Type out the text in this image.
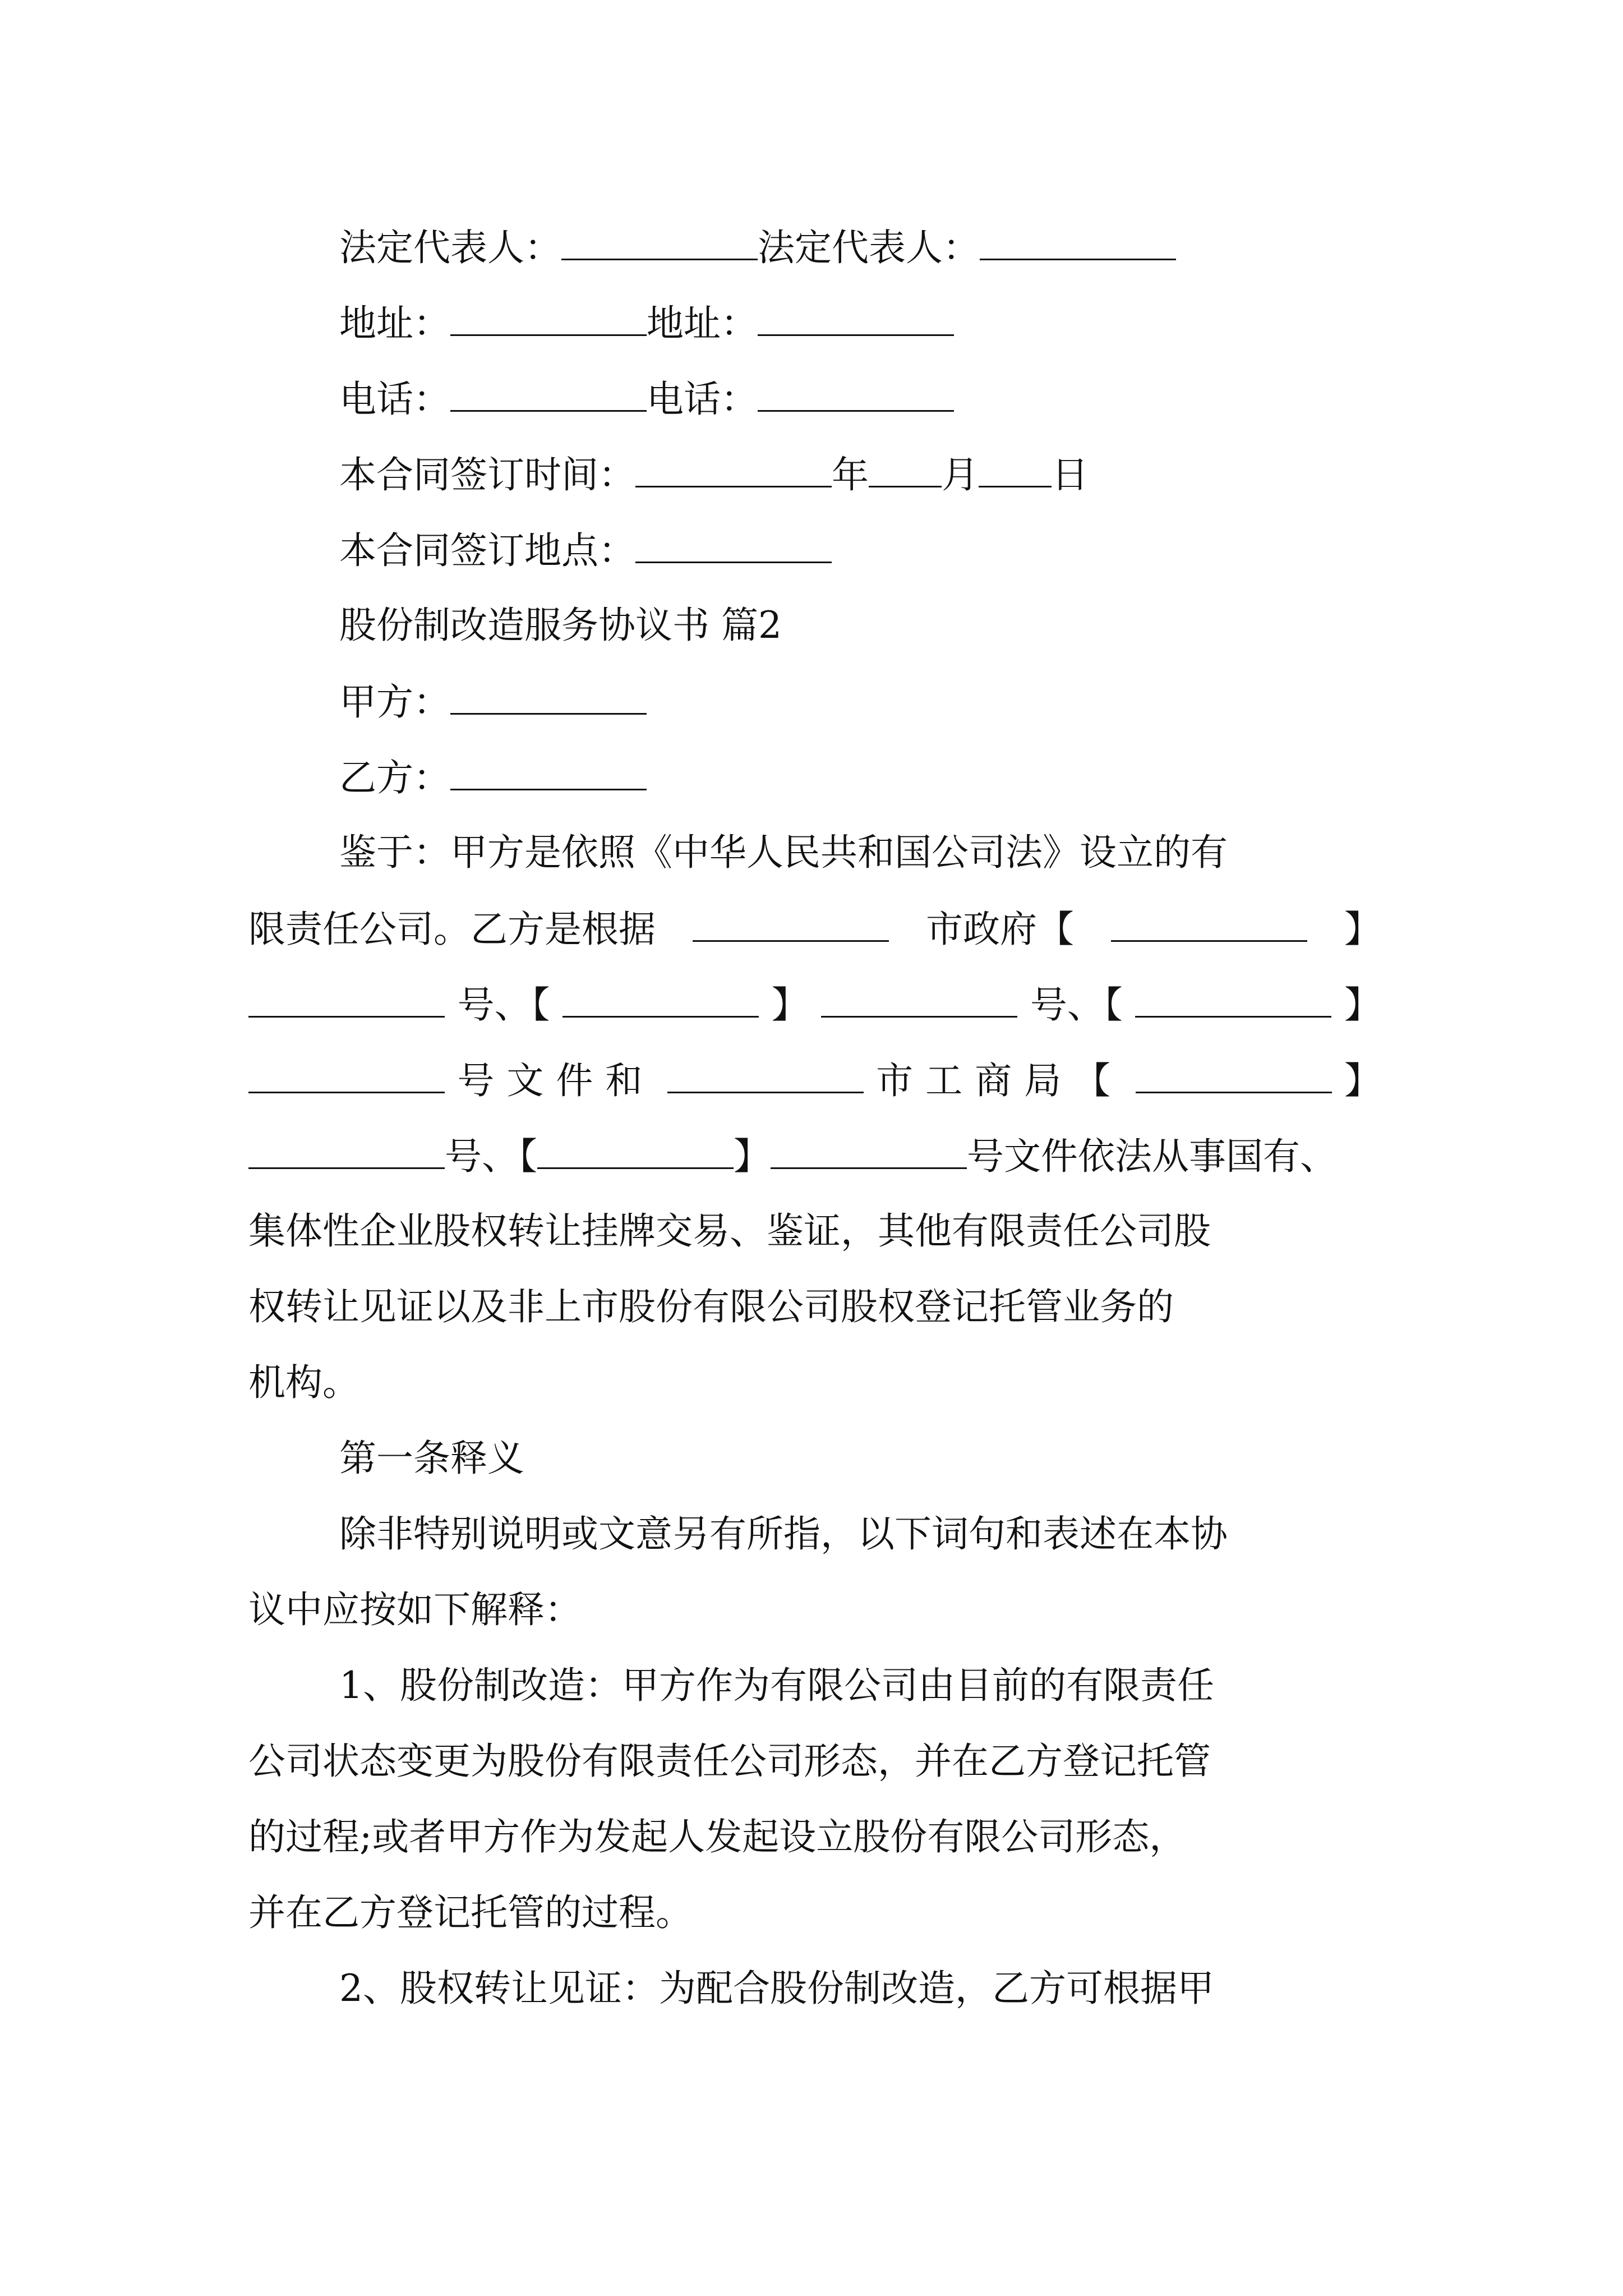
法定代表人：	法定代表人：
地址：	地址：
电话：	电话：
本合同签订时间：	年 月 日
本合同签订地点：
股份制改造服务协议书 篇2
甲方：
乙方：
鉴于：甲方是依照《中华人民共和国公司法》设立的有
限责任公司。乙方是根据	市政府【	】
号、【	】	号、【	】
号文件和	市工商局【	】
号、【	】	号文件依法从事国有、
集体性企业股权转让挂牌交易、鉴证，其他有限责任公司股
权转让见证以及非上市股份有限公司股权登记托管业务的
机构。
第一条释义
除非特别说明或文意另有所指，以下词句和表述在本协
议中应按如下解释：
1、股份制改造：甲方作为有限公司由目前的有限责任
公司状态变更为股份有限责任公司形态，并在乙方登记托管
的过程;或者甲方作为发起人发起设立股份有限公司形态，
并在乙方登记托管的过程。
2、股权转让见证：为配合股份制改造，乙方可根据甲
